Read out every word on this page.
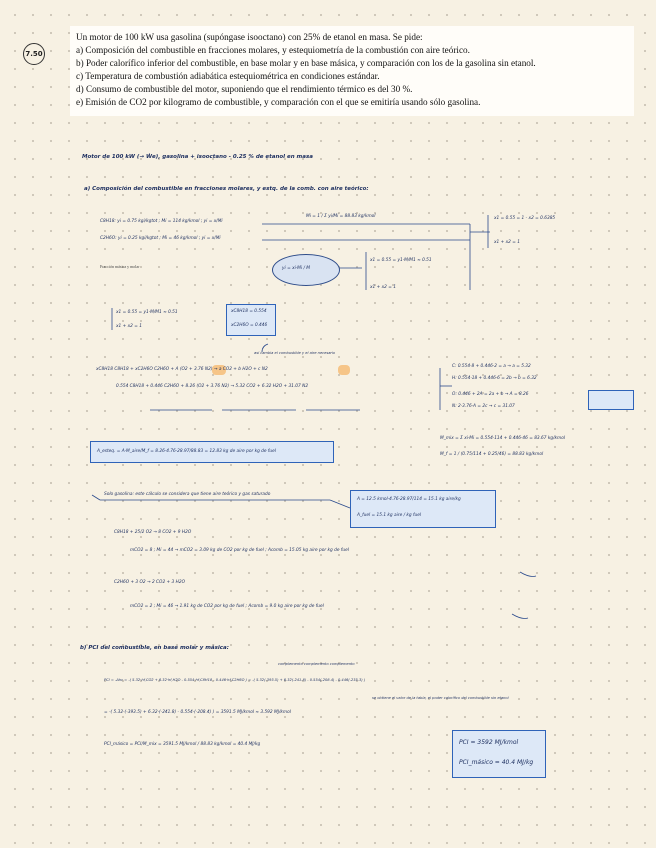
7.50

Un motor de 100 kW usa gasolina (supóngase isooctano) con 25% de etanol en masa. Se pide:

a) Composición del combustible en fracciones molares, y estequiometría de la combustión con aire teórico.

b) Poder calorífico inferior del combustible, en base molar y en base másica, y comparación con los de la gasolina sin etanol.

c) Temperatura de combustión adiabática estequiométrica en condiciones estándar.

d) Consumo de combustible del motor, suponiendo que el rendimiento térmico es del 30 %.

e) Emisión de CO2 por kilogramo de combustible, y comparación con el que se emitiría usando sólo gasolina.

Motor de 100 kW (→ Ẇe), gasolina + isooctano - 0.25 % de etanol en masa
a) Composición del combustible en fracciones molares, y estq. de la comb. con aire teórico:
C8H18: yi = 0.75 kgi/kgtot ; Mi = 114 kg/kmol ; yi = x/Mi
C2H6O: yi = 0.25 kgi/kgtot ; Mi = 46 kg/kmol ; yi = x/Mi
Mi = 1 / Σ yi/Mi = 88.83 kg/kmol	x1 = 0.55 = 1 - x2 = 0.6385
x1 + x2 = 1
Fracción másica y molar	yi = xi·Mi / M
x1 = 0.55 = y1·M/M1 ≈ 0.51
x1 + x2 = 1
x1 = 0.55 = y1·M/M1 ≈ 0.51
x1 + x2 = 1
xC8H18 = 0.554
xC2H6O = 0.446
así cambia el combustible y el aire necesario
xC8H18 C8H18 + xC2H6O C2H6O + A (O2 + 3.76 N2) → a CO2 + b H2O + c N2
0.554 C8H18 + 0.446 C2H6O + 8.26 (O2 + 3.76 N2) → 5.32 CO2 + 6.32 H2O + 31.07 N2
C: 0.554·8 + 0.446·2 = a → a = 5.32
H: 0.554·18 + 0.446·6 = 2b → b = 6.32
O: 0.446 + 2A = 2a + b → A = 8.26
N: 2·3.76·A = 2c → c = 31.07
A_esteq. = A·M_aire/M_f = 8.26·4.76·28.97/88.83 = 12.83 kg de aire por kg de fuel
M_mix = Σ xi·Mi = 0.554·114 + 0.446·46 = 83.67 kg/kmol
M_f = 1 / (0.75/114 + 0.25/46) = 88.83 kg/kmol
Solo gasolina: este cálculo se considera que tiene aire teórico y gas saturado
A = 12.5 kmol·4.76·28.97/114 = 15.1 kg aire/kg
A_fuel = 15.1 kg aire / kg fuel
C8H18 + 25/2 O2 → 8 CO2 + 9 H2O
mCO2 = 8 ; Mi = 44 → mCO2 = 3.09 kg de CO2 por kg de fuel ; Acomb = 15.05 kg aire por kg de fuel
C2H6O + 3 O2 → 2 CO2 + 3 H2O
mCO2 = 2 ; Mi = 46 → 1.91 kg de CO2 por kg de fuel ; Acomb = 9.0 kg aire por kg de fuel
b) PCI del combustible, en base molar y másica:
complemento complemento complemento
PCI = -Δhc = -( 5.32·hf,CO2 + 6.32·hf,H2O - 0.554·hf,C8H18 - 0.446·hf,C2H6O ) = -( 5.32(-393.5) + 6.32(-241.8) - 0.554(-208.4) - 0.446(-235.3) )
se obtiene el valor de la tabla, el poder calorífico del combustible sin etanol
= -( 5.32·(-393.5) + 6.32·(-241.8) - 0.554·(-208.4) ) = 3591.5 MJ/kmol ≈ 3.592 MJ/kmol
PCI_másico = PCI/M_mix = 3591.5 MJ/kmol / 88.83 kg/kmol = 40.4 MJ/kg	PCI = 3592 MJ/kmol
PCI_másico = 40.4 MJ/kg
